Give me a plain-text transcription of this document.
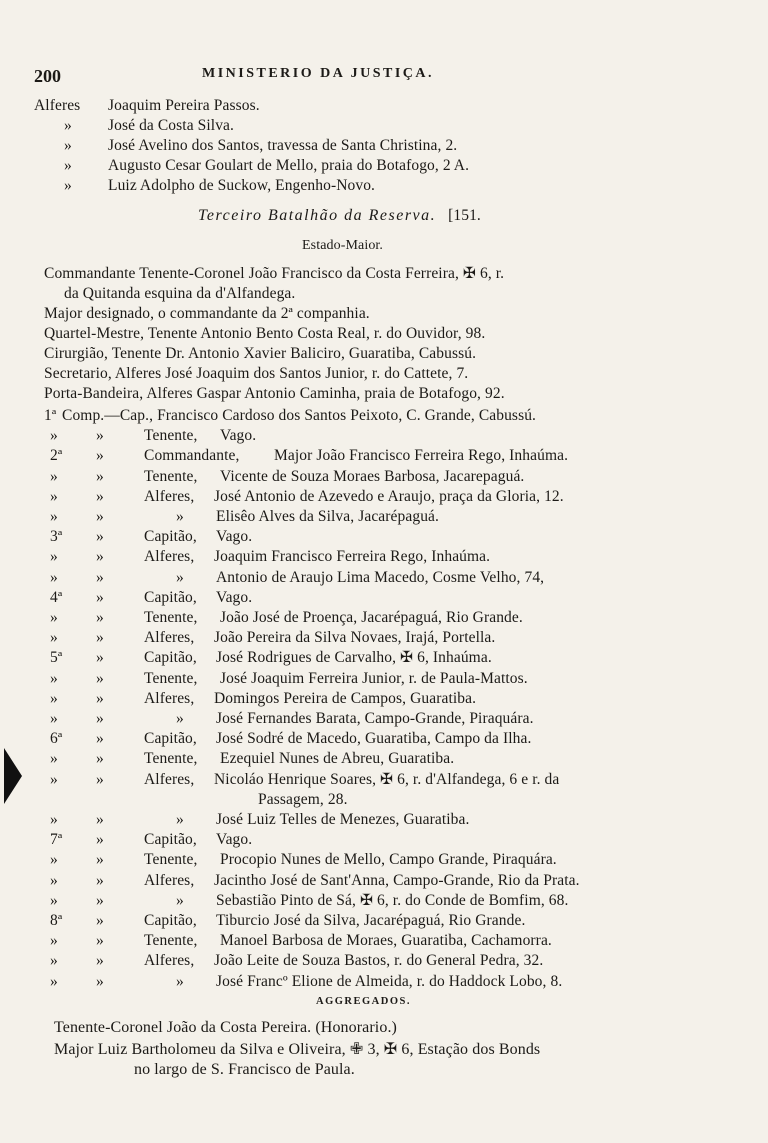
200	MINISTERIO DA JUSTIÇA.
Alferes Joaquim Pereira Passos.
» José da Costa Silva.
» José Avelino dos Santos, travessa de Santa Christina, 2.
» Augusto Cesar Goulart de Mello, praia do Botafogo, 2 A.
» Luiz Adolpho de Suckow, Engenho-Novo.
Terceiro Batalhão da Reserva. [151.
Estado-Maior.
Commandante Tenente-Coronel João Francisco da Costa Ferreira, ✠ 6, r.
da Quitanda esquina da d'Alfandega.
Major designado, o commandante da 2ª companhia.
Quartel-Mestre, Tenente Antonio Bento Costa Real, r. do Ouvidor, 98.
Cirurgião, Tenente Dr. Antonio Xavier Baliciro, Guaratiba, Cabussú.
Secretario, Alferes José Joaquim dos Santos Junior, r. do Cattete, 7.
Porta-Bandeira, Alferes Gaspar Antonio Caminha, praia de Botafogo, 92.
1ª Comp.—Cap., Francisco Cardoso dos Santos Peixoto, C. Grande, Cabussú.
» »	Tenente, Vago.
2ª »	Commandante, Major João Francisco Ferreira Rego, Inhaúma.
» »	Tenente, Vicente de Souza Moraes Barbosa, Jacarepaguá.
» »	Alferes, José Antonio de Azevedo e Araujo, praça da Gloria, 12.
» »	» Elisêo Alves da Silva, Jacarépaguá.
3ª »	Capitão, Vago.
» »	Alferes, Joaquim Francisco Ferreira Rego, Inhaúma.
» »	» Antonio de Araujo Lima Macedo, Cosme Velho, 74,
4ª »	Capitão, Vago.
» »	Tenente, João José de Proença, Jacarépaguá, Rio Grande.
» »	Alferes, João Pereira da Silva Novaes, Irajá, Portella.
5ª »	Capitão, José Rodrigues de Carvalho, ✠ 6, Inhaúma.
» »	Tenente, José Joaquim Ferreira Junior, r. de Paula-Mattos.
» »	Alferes, Domingos Pereira de Campos, Guaratiba.
» »	» José Fernandes Barata, Campo-Grande, Piraquára.
6ª »	Capitão, José Sodré de Macedo, Guaratiba, Campo da Ilha.
» »	Tenente, Ezequiel Nunes de Abreu, Guaratiba.
» »	Alferes, Nicoláo Henrique Soares, ✠ 6, r. d'Alfandega, 6 e r. da
Passagem, 28.
» »	» José Luiz Telles de Menezes, Guaratiba.
7ª »	Capitão, Vago.
» »	Tenente, Procopio Nunes de Mello, Campo Grande, Piraquára.
» »	Alferes, Jacintho José de Sant'Anna, Campo-Grande, Rio da Prata.
» »	» Sebastião Pinto de Sá, ✠ 6, r. do Conde de Bomfim, 68.
8ª »	Capitão, Tiburcio José da Silva, Jacarépaguá, Rio Grande.
» »	Tenente, Manoel Barbosa de Moraes, Guaratiba, Cachamorra.
» »	Alferes, João Leite de Souza Bastos, r. do General Pedra, 32.
» »	» José Francº Elione de Almeida, r. do Haddock Lobo, 8.
AGGREGADOS.
Tenente-Coronel João da Costa Pereira. (Honorario.)
Major Luiz Bartholomeu da Silva e Oliveira, ✙ 3, ✠ 6, Estação dos Bonds
no largo de S. Francisco de Paula.
